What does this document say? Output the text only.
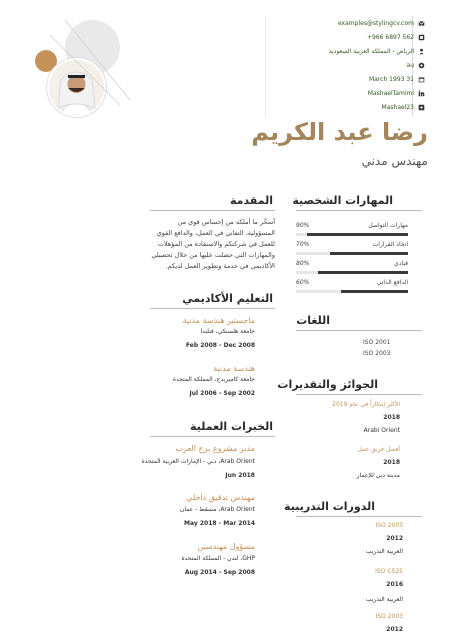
examples@stylingcv.com
+966 6897 562
الرياض - المملكة العربية السعودية
au
March 1993 31
MashaelTamimi
Mashael23
رضا عبد الكريم
مهندس مدني
المهارات الشخصية
مهارات التواصل
90%
اتخاذ القرارات
70%
قيادي
80%
الدافع الذاتي
60%
اللغات
ISO 2001
ISO 2003
الجوائز والتقديرات
الأكثر إبتكاراً في عام 2019
2018
Arabi Orient
أفضل فريق عمل
2018
مدينة دبي للإعمار
الدورات التدريبية
ISO 2003
2012
العربية التدريب
ISO C525
2016
العربية التدريب
ISO 2003
2012
المقدمة
أسخّر ما أملكه من إحساس قوي من المسؤولية، التفاني في العمل، والدافع القوي للعمل في شركتكم والاستفادة من المؤهلات والمهارات التي حصلت عليها من خلال تحصيلي الأكاديمي في خدمة وتطوير العمل لديكم.
التعليم الأكاديمي
ماجستير هندسة مدنية
جامعة هلسنكي، فنلندا
Feb 2008 - Dec 2008
هندسة مدنية
جامعة كامبريدج، المملكة المتحدة
Jul 2006 - Sep 2002
الخبرات العملية
مدير مشروع برج العرب
Arab Orient، دبي - الإمارات العربية المتحدة
Jun 2018
مهندس تدقيق داخلي
Arab Orient، مسقط - عمان
May 2018 - Mar 2014
مسؤول مهندسين
GHP، لندن - المملكة المتحدة
Aug 2014 - Sep 2008
